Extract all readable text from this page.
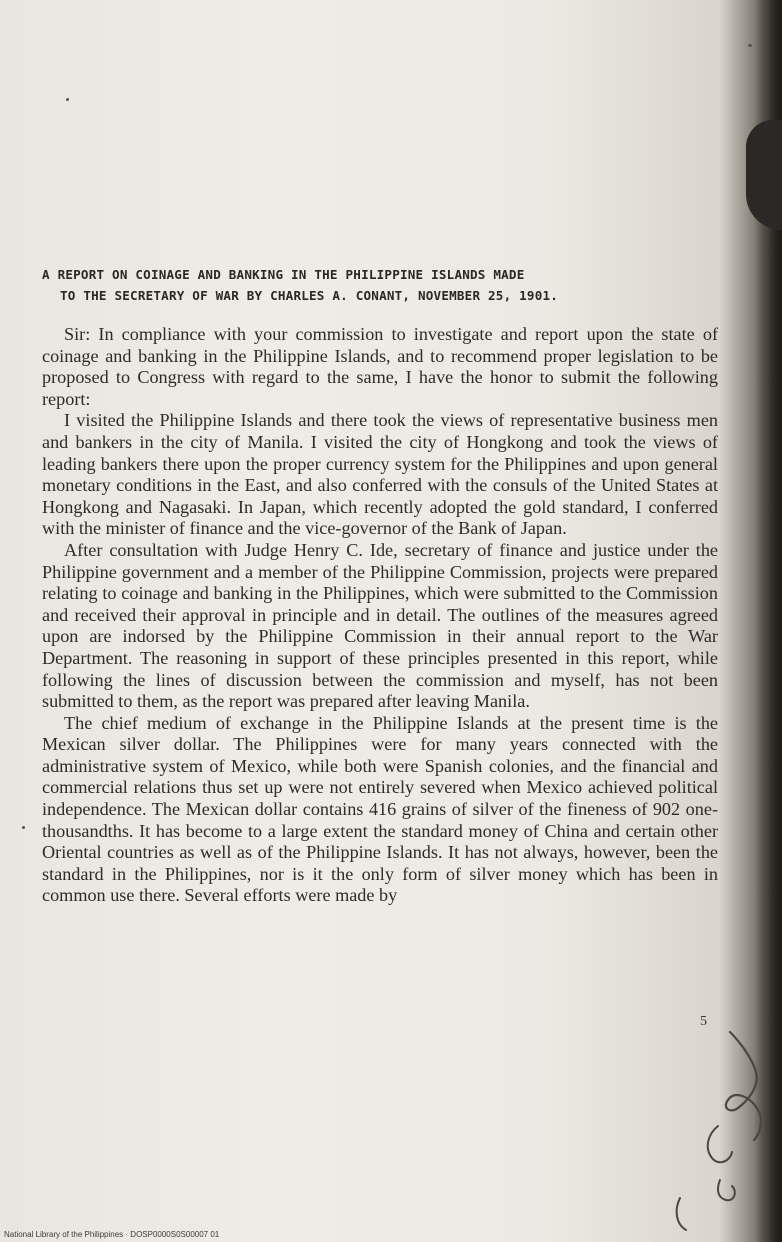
A REPORT ON COINAGE AND BANKING IN THE PHILIPPINE ISLANDS MADE
TO THE SECRETARY OF WAR BY CHARLES A. CONANT, NOVEMBER 25, 1901.

Sir: In compliance with your commission to investigate and report upon the state of coinage and banking in the Philippine Islands, and to recommend proper legislation to be proposed to Congress with regard to the same, I have the honor to submit the following report:

I visited the Philippine Islands and there took the views of representative business men and bankers in the city of Manila. I visited the city of Hongkong and took the views of leading bankers there upon the proper currency system for the Philippines and upon general monetary conditions in the East, and also conferred with the consuls of the United States at Hongkong and Nagasaki. In Japan, which recently adopted the gold standard, I conferred with the minister of finance and the vice-governor of the Bank of Japan.

After consultation with Judge Henry C. Ide, secretary of finance and justice under the Philippine government and a member of the Philippine Commission, projects were prepared relating to coinage and banking in the Philippines, which were submitted to the Commission and received their approval in principle and in detail. The outlines of the measures agreed upon are indorsed by the Philippine Commission in their annual report to the War Department. The reasoning in support of these principles presented in this report, while following the lines of discussion between the commission and myself, has not been submitted to them, as the report was prepared after leaving Manila.

The chief medium of exchange in the Philippine Islands at the present time is the Mexican silver dollar. The Philippines were for many years connected with the administrative system of Mexico, while both were Spanish colonies, and the financial and commercial relations thus set up were not entirely severed when Mexico achieved political independence. The Mexican dollar contains 416 grains of silver of the fineness of 902 one-thousandths. It has become to a large extent the standard money of China and certain other Oriental countries as well as of the Philippine Islands. It has not always, however, been the standard in the Philippines, nor is it the only form of silver money which has been in common use there. Several efforts were made by

5
National Library of the Philippines · DOSP0000S0S00007 01
